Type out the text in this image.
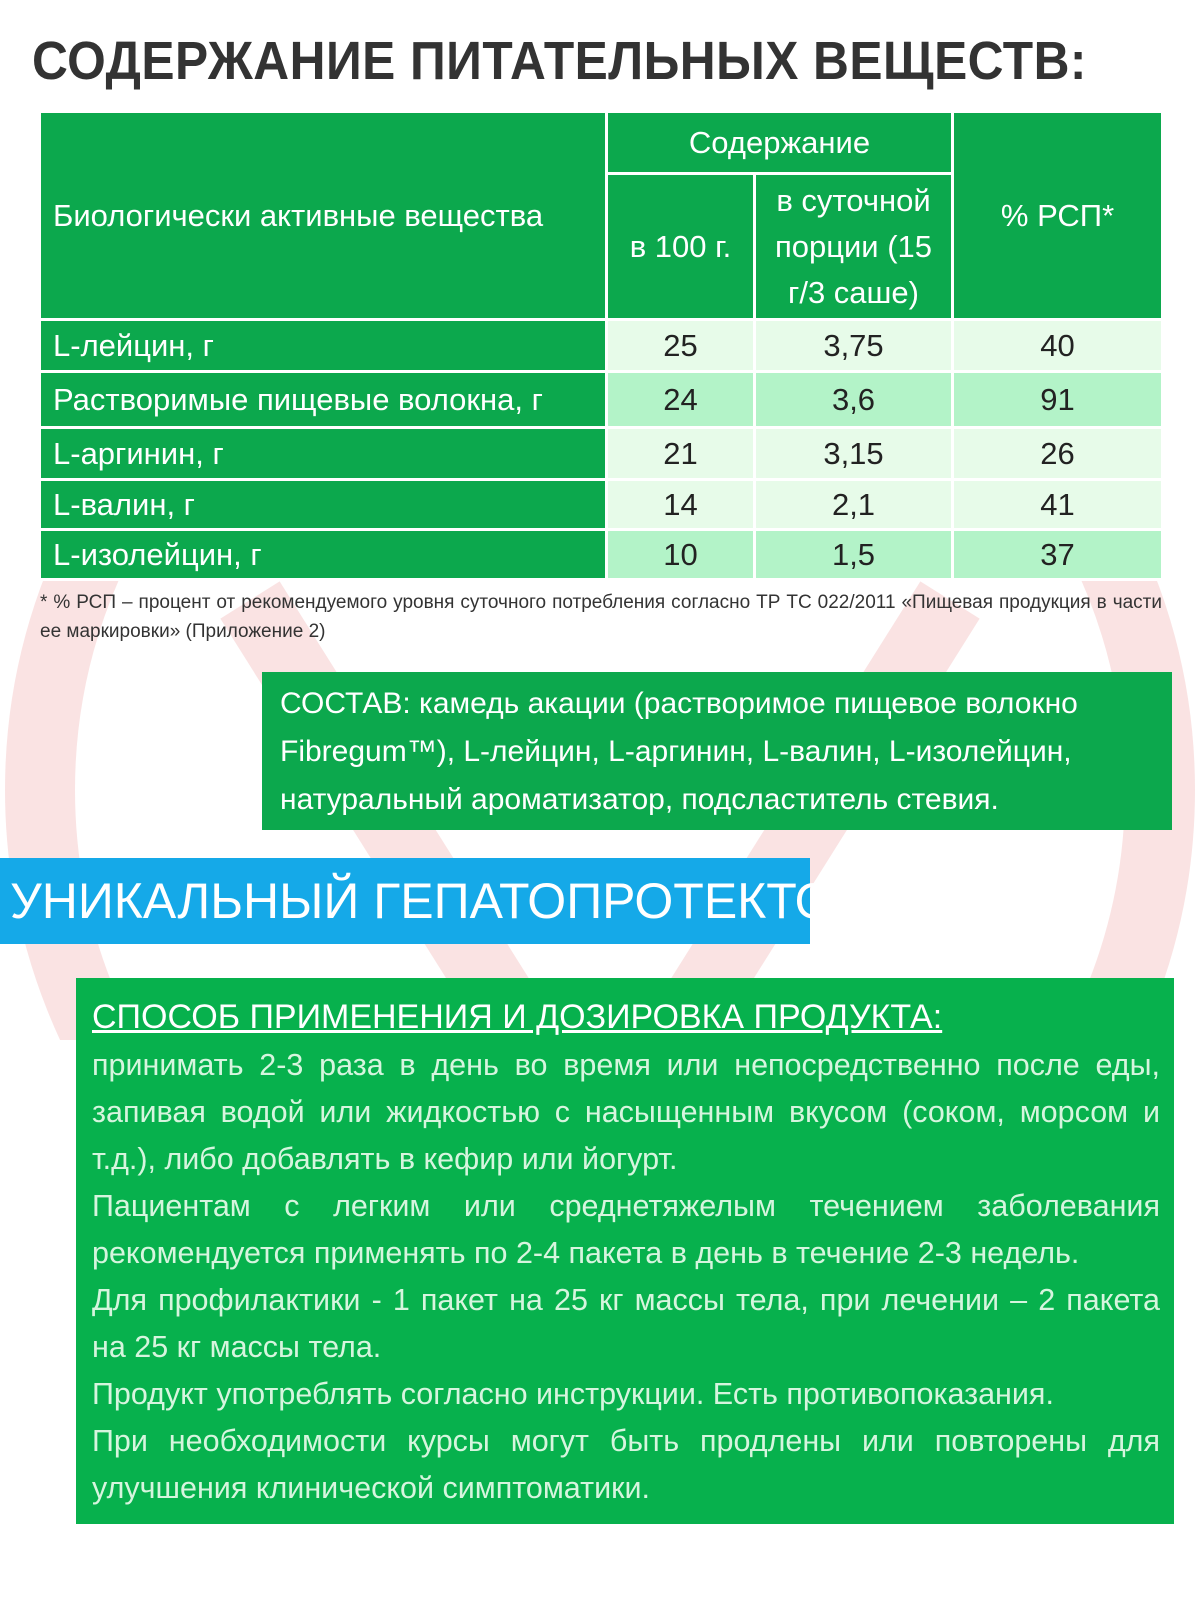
СОДЕРЖАНИЕ ПИТАТЕЛЬНЫХ ВЕЩЕСТВ:
Биологически активные вещества	Содержание		% РСП*
	в 100 г.	в суточной порции (15 г/3 саше)	
L-лейцин, г	25	3,75	40
Растворимые пищевые волокна, г	24	3,6	91
L-аргинин, г	21	3,15	26
L-валин, г	14	2,1	41
L-изолейцин, г	10	1,5	37

* % РСП – процент от рекомендуемого уровня суточного потребления согласно ТР ТС 022/2011 «Пищевая продукция в части ее маркировки» (Приложение 2)

СОСТАВ: камедь акации (растворимое пищевое волокно Fibregum™), L-лейцин, L-аргинин, L-валин, L-изолейцин, натуральный ароматизатор, подсластитель стевия.
УНИКАЛЬНЫЙ ГЕПАТОПРОТЕКТОР
СПОСОБ ПРИМЕНЕНИЯ И ДОЗИРОВКА ПРОДУКТА:

принимать 2-3 раза в день во время или непосредственно после еды, запивая водой или жидкостью с насыщенным вкусом (соком, морсом и т.д.), либо добавлять в кефир или йогурт.

Пациентам с легким или среднетяжелым течением заболевания рекомендуется применять по 2-4 пакета в день в течение 2-3 недель.

Для профилактики - 1 пакет на 25 кг массы тела, при лечении – 2 пакета на 25 кг массы тела.

Продукт употреблять согласно инструкции. Есть противопоказания.

При необходимости курсы могут быть продлены или повторены для улучшения клинической симптоматики.
